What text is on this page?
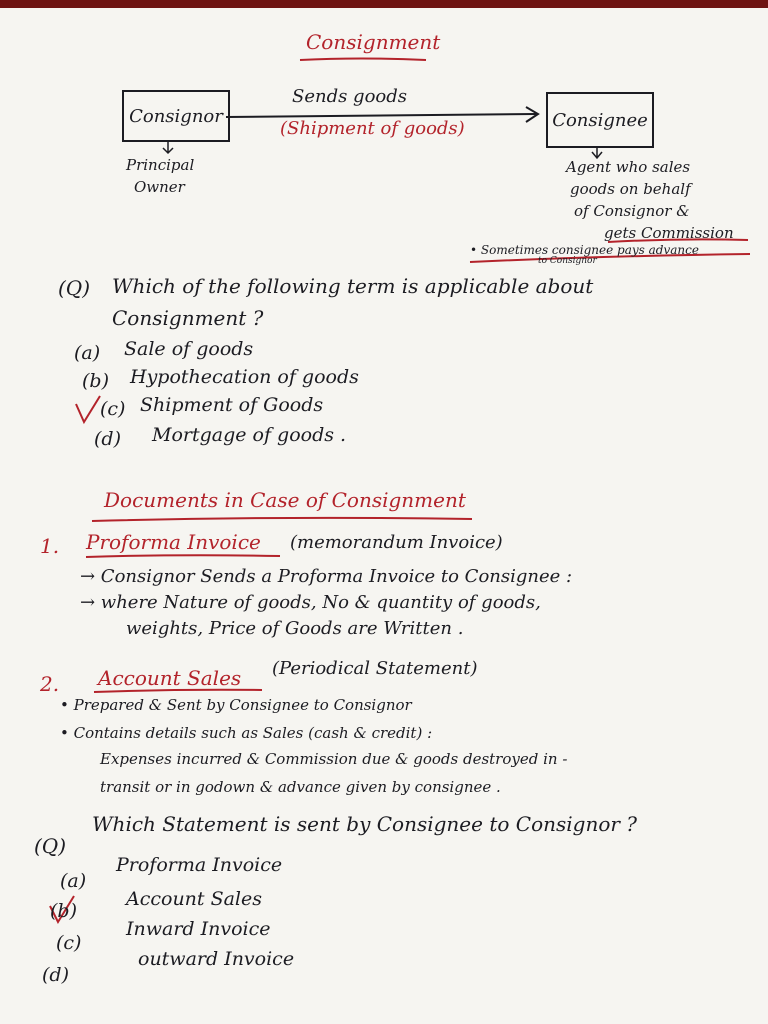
Consignment
Consignor	Consignee
Sends goods
(Shipment of goods)
Principal
Owner
Agent who sales
goods on behalf
of Consignor &
gets Commission
• Sometimes consignee pays advance
to Consignor
(Q) Which of the following term is applicable about
Consignment ?
(a) Sale of goods
(b) Hypothecation of goods
(c) Shipment of Goods
(d) Mortgage of goods .
Documents in Case of Consignment
1. Proforma Invoice (memorandum Invoice)
→ Consignor Sends a Proforma Invoice to Consignee :
→ where Nature of goods, No & quantity of goods,
weights, Price of Goods are Written .
2. Account Sales (Periodical Statement)
• Prepared & Sent by Consignee to Consignor
• Contains details such as Sales (cash & credit) :
Expenses incurred & Commission due & goods destroyed in -
transit or in godown & advance given by consignee .
(Q)
Which Statement is sent by Consignee to Consignor ?
(a)
Proforma Invoice
(b)
Account Sales
(c)
Inward Invoice
(d)
outward Invoice
